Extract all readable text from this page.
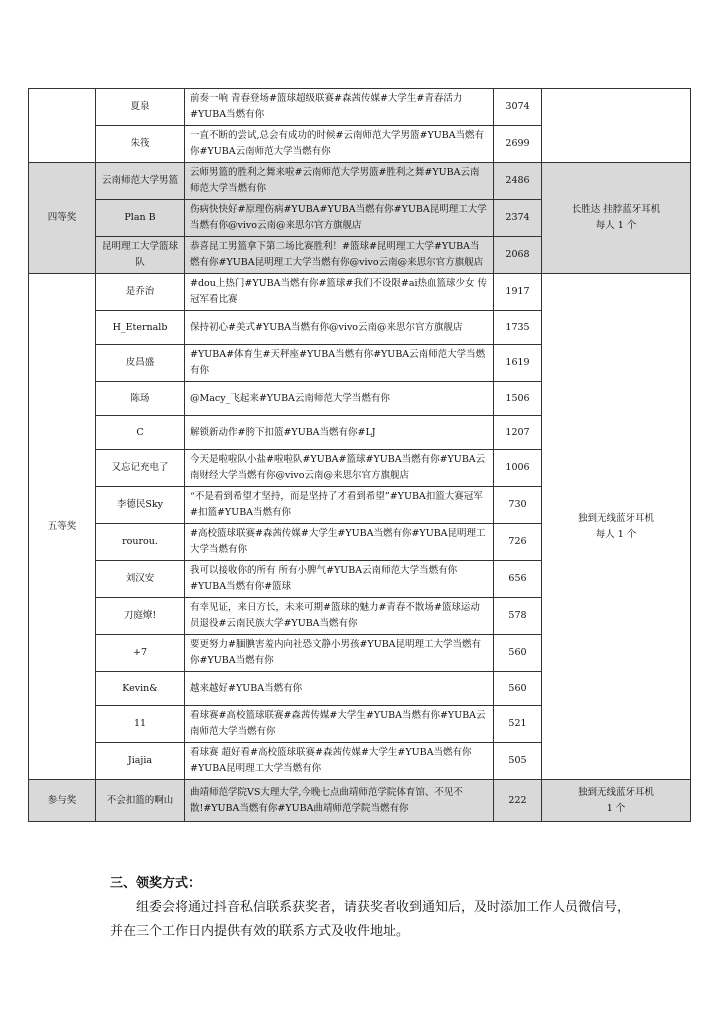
	夏泉	前奏一响 青春登场#篮球超级联赛#森茜传媒#大学生#青春活力#YUBA当燃有你	3074	
	朱筏	一直不断的尝试,总会有成功的时候#云南师范大学男篮#YUBA当燃有你#YUBA云南师范大学当燃有你	2699	
四等奖	云南师范大学男篮	云师男篮的胜利之舞来啦#云南师范大学男篮#胜利之舞#YUBA云南师范大学当燃有你	2486	长胜达 挂脖蓝牙耳机
每人 1 个

	Plan B	伤病快快好#原理伤病#YUBA#YUBA当燃有你#YUBA昆明理工大学当燃有你@vivo云南@来思尔官方旗舰店	2374	
	昆明理工大学篮球队	恭喜昆工男篮拿下第二场比赛胜利！#篮球#昆明理工大学#YUBA当燃有你#YUBA昆明理工大学当燃有你@vivo云南@来思尔官方旗舰店	2068	
五等奖	是乔治	#dou上热门#YUBA当燃有你#篮球#我们不设限#ai热血篮球少女 传冠军看比赛	1917	独到无线蓝牙耳机
每人 1 个

	H_Eternalb	保持初心#美式#YUBA当燃有你@vivo云南@来思尔官方旗舰店	1735	
	皮昌盛	#YUBA#体育生#天秤座#YUBA当燃有你#YUBA云南师范大学当燃有你	1619	
	陈玚	@Macy_飞起来#YUBA云南师范大学当燃有你	1506	
	C	解锁新动作#胯下扣篮#YUBA当燃有你#LJ	1207	
	又忘记充电了	今天是啦啦队小盐#啦啦队#YUBA#篮球#YUBA当燃有你#YUBA云南财经大学当燃有你@vivo云南@来思尔官方旗舰店	1006	
	李德民Sky	“不是看到希望才坚持，而是坚持了才看到希望”#YUBA扣篮大赛冠军#扣篮#YUBA当燃有你	730	
	rourou.	#高校篮球联赛#森茜传媒#大学生#YUBA当燃有你#YUBA昆明理工大学当燃有你	726	
	刘汉安	我可以接收你的所有 所有小脾气#YUBA云南师范大学当燃有你#YUBA当燃有你#篮球	656	
	刀庭燎!	有幸见证，来日方长，未来可期#篮球的魅力#青春不散场#篮球运动员退役#云南民族大学#YUBA当燃有你	578	
	+7	要更努力#腼腆害羞内向社恐文静小男孩#YUBA昆明理工大学当燃有你#YUBA当燃有你	560	
	Kevin&	越来越好#YUBA当燃有你	560	
	11	看球赛#高校篮球联赛#森茜传媒#大学生#YUBA当燃有你#YUBA云南师范大学当燃有你	521	
	Jiajia	看球赛 超好看#高校篮球联赛#森茜传媒#大学生#YUBA当燃有你#YUBA昆明理工大学当燃有你	505	
参与奖	不会扣篮的啊山	曲靖师范学院VS大理大学,今晚七点曲靖师范学院体育馆、不见不散!#YUBA当燃有你#YUBA曲靖师范学院当燃有你	222	独到无线蓝牙耳机
1 个
三、领奖方式：

组委会将通过抖音私信联系获奖者，请获奖者收到通知后，及时添加工作人员微信号，

并在三个工作日内提供有效的联系方式及收件地址。
